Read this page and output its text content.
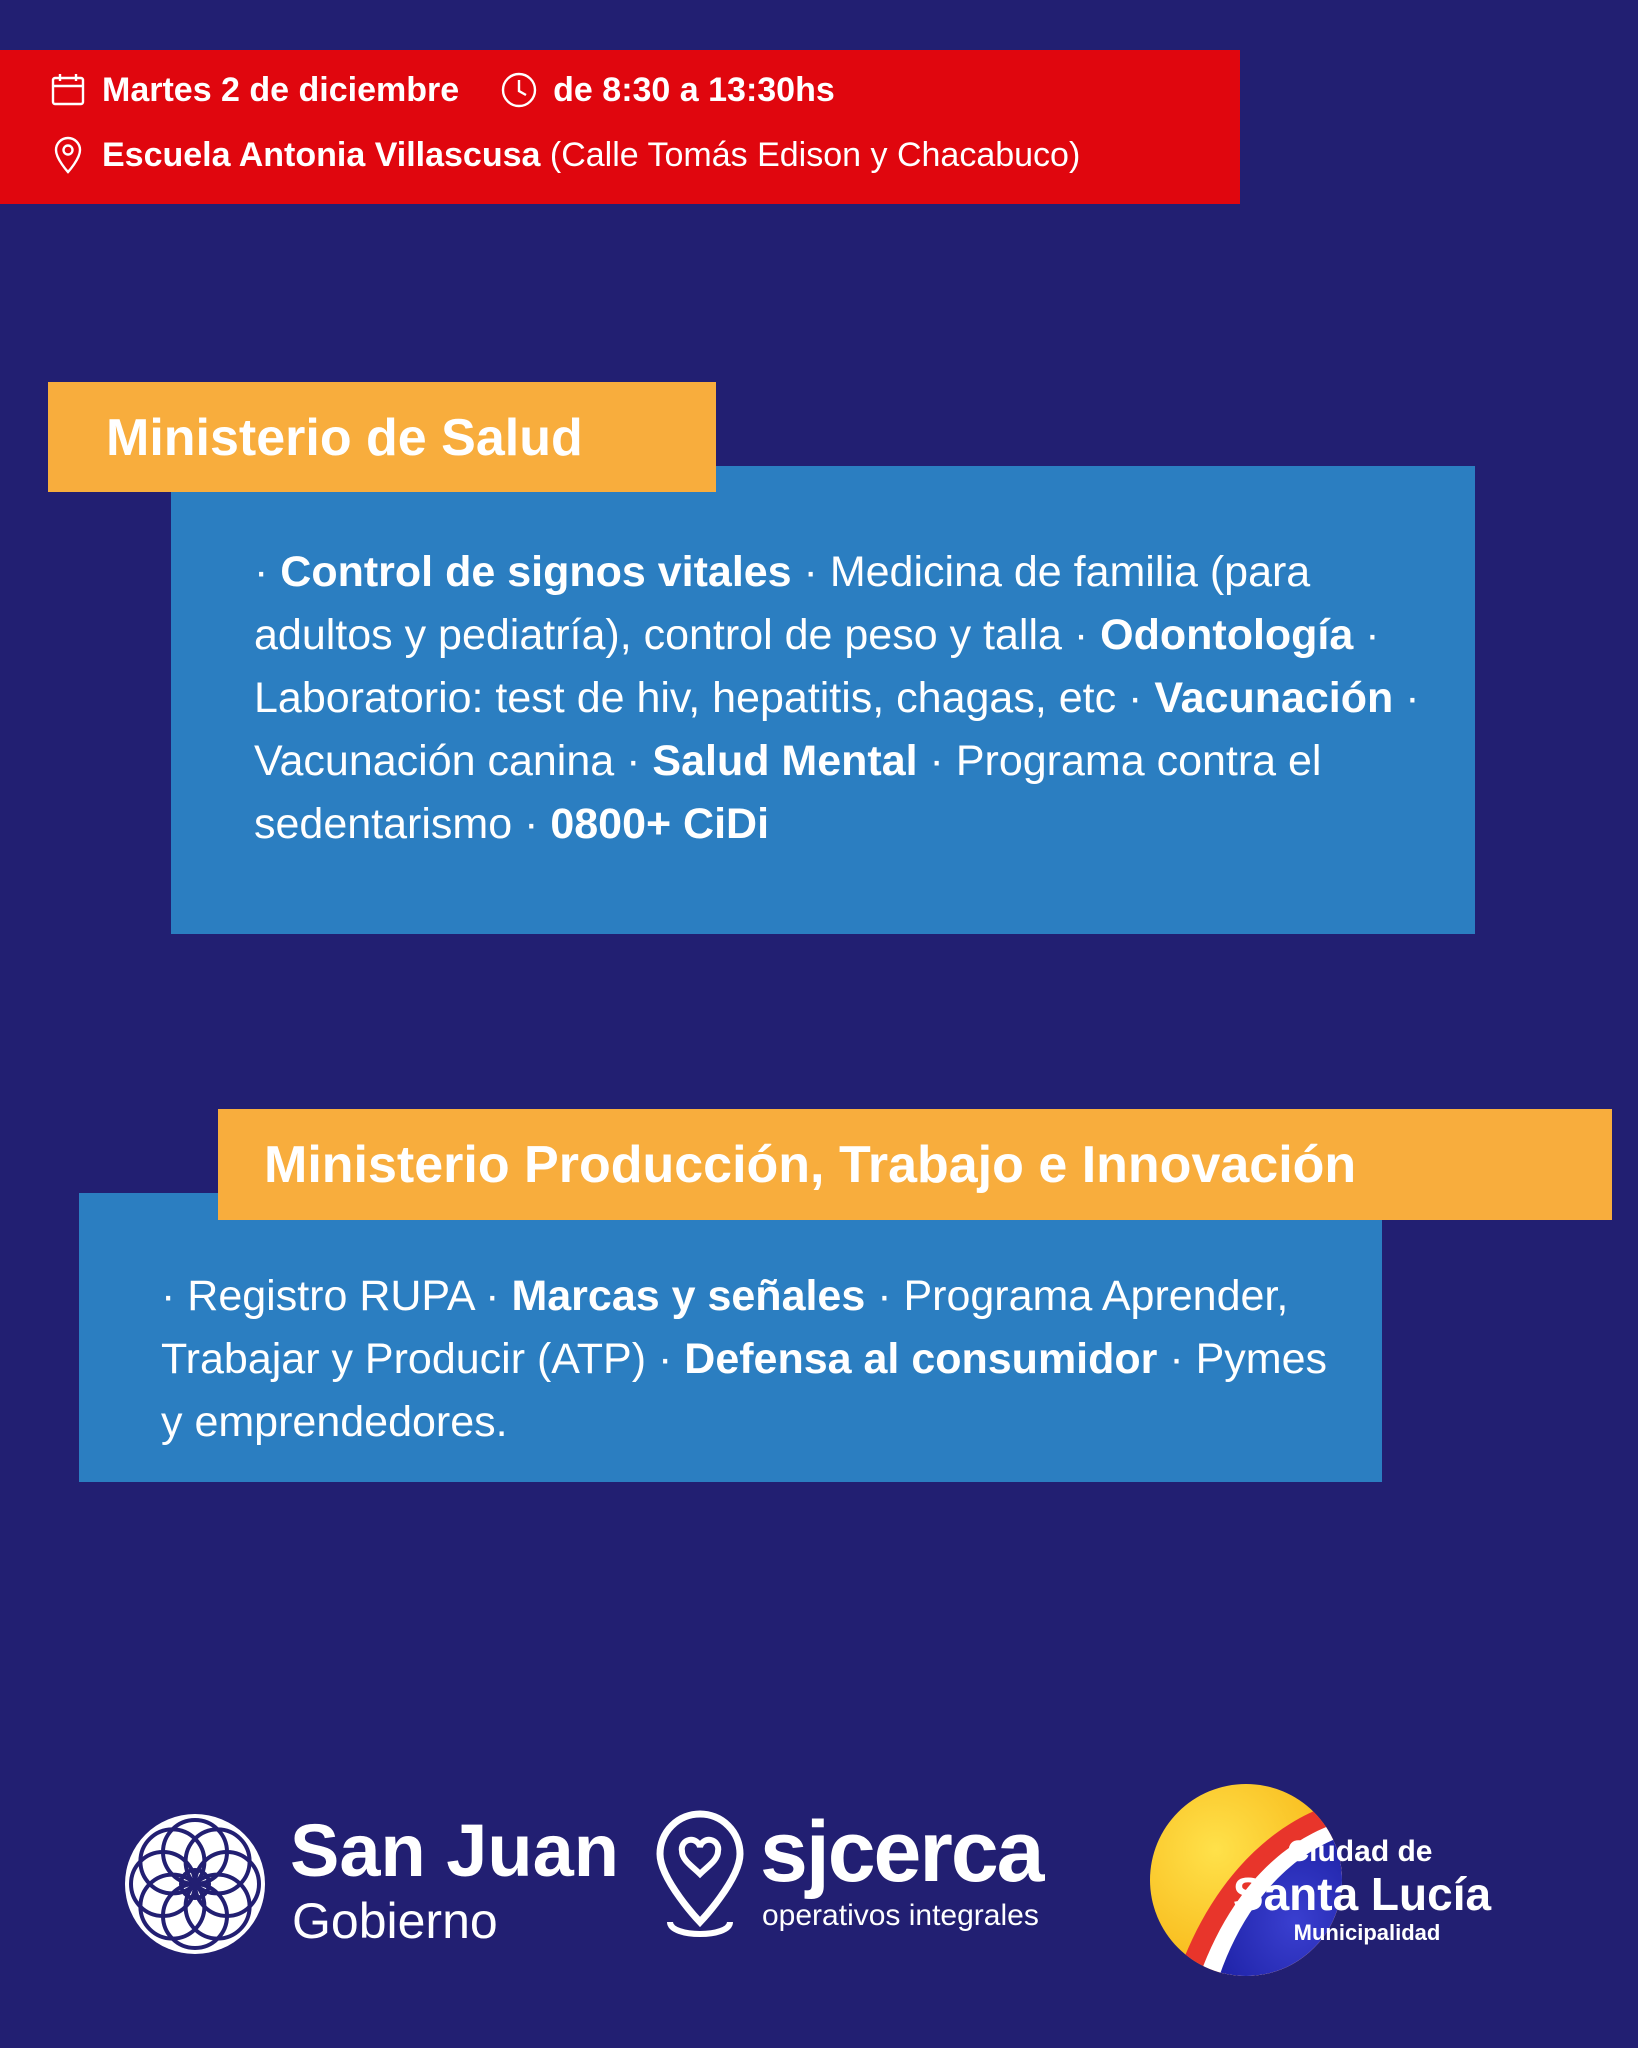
Martes 2 de diciembre	de 8:30 a 13:30hs
Escuela Antonia Villascusa
(Calle Tomás Edison y Chacabuco)
· Control de signos vitales · Medicina de familia (para adultos y pediatría), control de peso y talla · Odontología · Laboratorio: test de hiv, hepatitis, chagas, etc · Vacunación · Vacunación canina · Salud Mental · Programa contra el sedentarismo · 0800+ CiDi
Ministerio de Salud
· Registro RUPA · Marcas y señales · Programa Aprender, Trabajar y Producir (ATP) · Defensa al consumidor · Pymes y emprendedores.
Ministerio Producción, Trabajo e Innovación
San Juan
Gobierno
sjcerca
operativos integrales
Ciudad de
Santa Lucía
Municipalidad
